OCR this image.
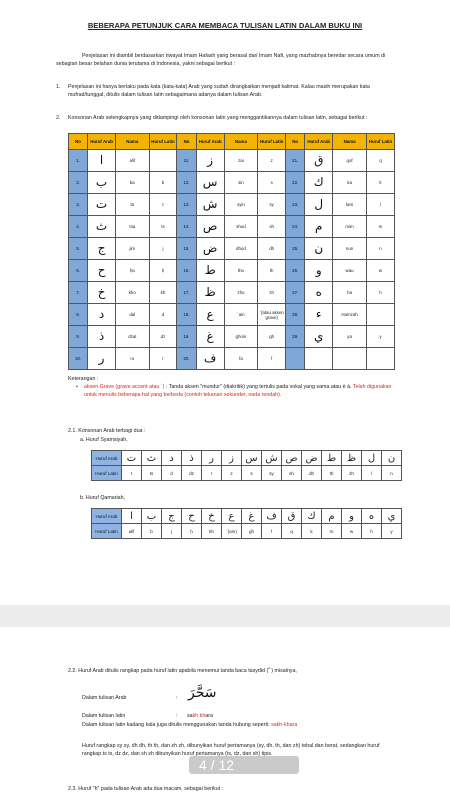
BEBERAPA PETUNJUK CARA MEMBACA TULISAN LATIN DALAM BUKU INI
Penjelasan ini diambil berdasarkan riwayat Imam Hafash yang berasal dari Imam Nafi, yang mazhabnya beredar secara umum di sebagian besar belahan dunia terutama di Indonesia, yakni sebagai berikut :
1. Penjelasan ini hanya berlaku pada kata (kata-kata) Arab yang sudah dirangkaikan menjadi kalimat. Kalau masih merupakan kata mufrad/tunggal, ditulis dalam tulisan latin sebagaimana adanya dalam tulisan Arab.
2. Konsonan Arab selengkapnya yang didampingi oleh konsonan latin yang menggantikannya dalam tulisan latin, sebagai berikut :
No	Huruf Arab	Nama	Huruf Latin	No	Huruf Arab	Nama	Huruf Latin	No	Huruf Arab	Nama	Huruf Latin
1.	ا	alif		11.	ز	zai	z	21.	ق	qof	q
2.	ب	ba	b	12.	س	sin	s	22.	ك	ka	k
3.	ت	ta	t	13.	ش	syin	sy	23.	ل	lam	l
4.	ث	tsa	ts	14.	ص	shod	sh	24.	م	mim	m
5.	ج	jim	j	15.	ض	dhod	dh	25.	ن	nun	n
6.	ح	ḥa	ḥ	16.	ط	tho	th	26.	و	wau	w
7.	خ	kho	kh	17.	ظ	zho	zh	27.	ه	ha	h
8.	د	dal	d	18.	ع	`ain	`(atau aksen grave)	28.	ء	Hamzah	
9.	ذ	dzal	dz	19.	غ	ghoin	gh	29.	ي	ya	y
10.	ر	ro	r	20.	ف	fa	f				
Keterangan :
• aksen Grave (grave accent atau `) : Tanda aksen "mundur" (diakritik) yang tertulis pada vokal yang sama atau è à. Telah digunakan untuk menulis beberapa hal yang berbeda (contoh tekanan sekunder, nada rendah).
2.1. Konsonan Arab terbagi dua :
a. Huruf Syamsiyah,
Huruf Arab	ت	ث	د	ذ	ر	ز	س	ش	ص	ض	ط	ظ	ل	ن
Huruf Latin	t	ts	d	dz	r	z	s	sy	sh	dh	th	zh	l	n
b. Huruf Qamariah,
Huruf Arab	ا	ب	ج	ح	خ	ع	غ	ف	ق	ك	م	و	ه	ي
Huruf Latin	alif	b	j	ḥ	kh	`(ain)	gh	f	q	k	m	w	h	y
2.2. Huruf Arab ditulis rangkap pada huruf latin apabila menemui tanda baca tasydid ( ّ ) misalnya,
Dalam tulisan Arab	: سَحَّرَ
Dalam tulisan latin	: sakh khara
Dalam tulisan latin kadang kala juga ditulis menggunakan tanda hubung seperti: sakh-khara
Huruf rangkap sy sy, dh dh, th th, dan zh zh, dibunyikan huruf pertamanya (sy, dh, th, dan zh) tebal dan berat, sedangkan huruf rangkap ts ts, dz dz, dan sh sh dibunyikan huruf pertamanya (ts, dz, dan sh) tipis.
2.3. Huruf "h" pada tulisan Arab ada dua macam, sebagai berikut :
4 / 12
